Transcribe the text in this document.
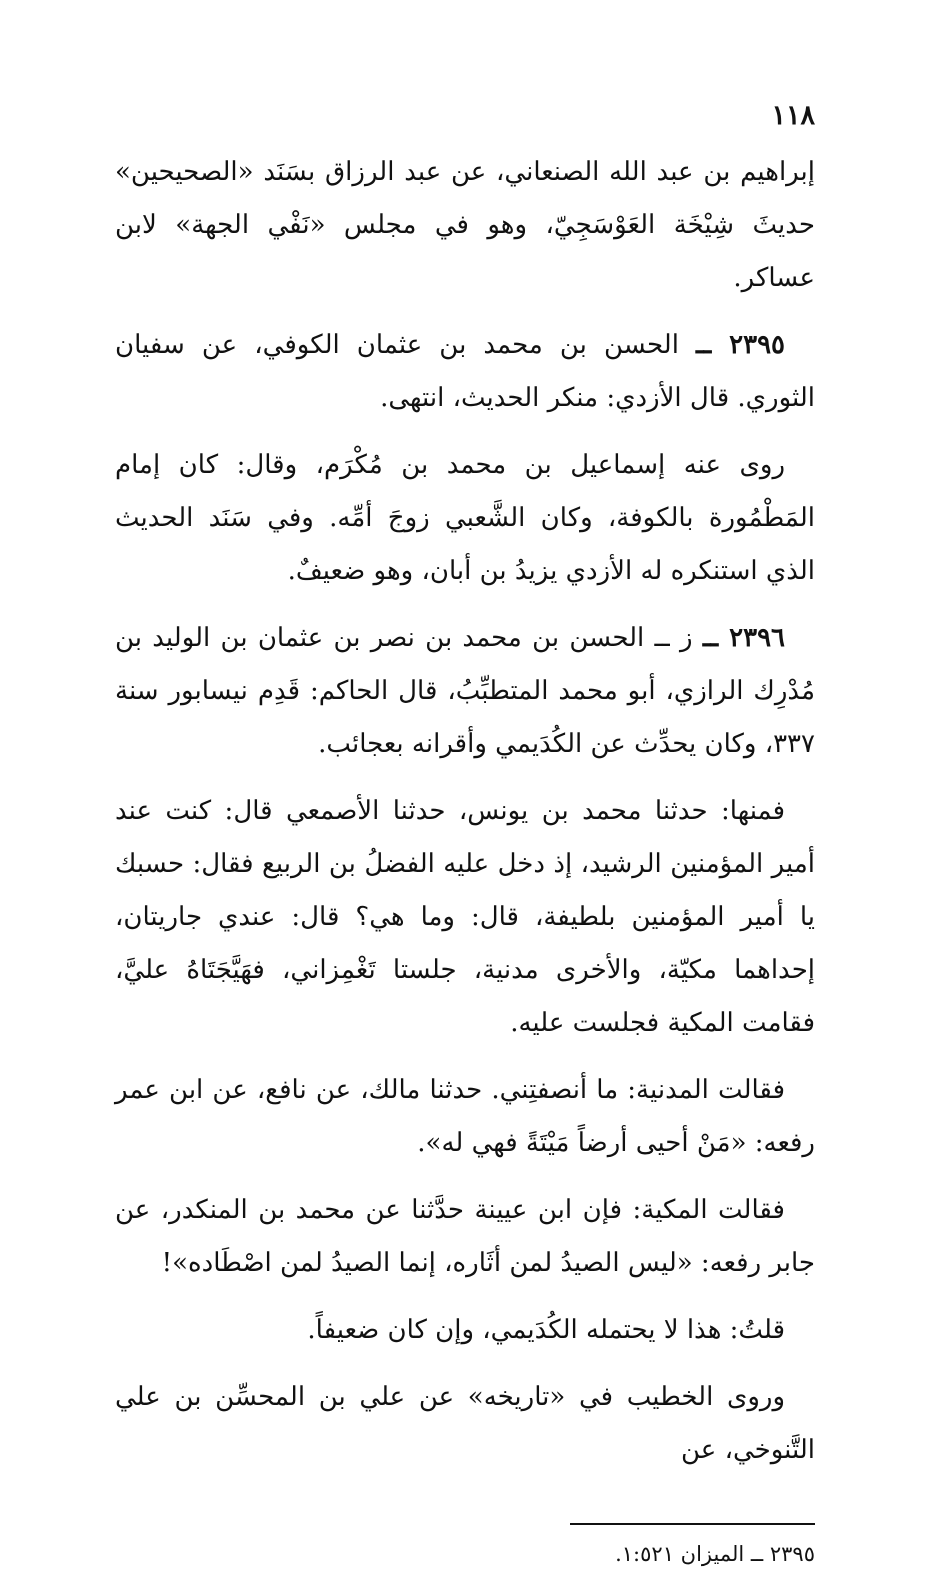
١١٨

إبراهيم بن عبد الله الصنعاني، عن عبد الرزاق بسَنَد «الصحيحين» حديثَ شِيْخَة العَوْسَجِيّ، وهو في مجلس «نَفْي الجهة» لابن عساكر.

٢٣٩٥ ــ الحسن بن محمد بن عثمان الكوفي، عن سفيان الثوري. قال الأزدي: منكر الحديث، انتهى.

روى عنه إسماعيل بن محمد بن مُكْرَم، وقال: كان إمام المَطْمُورة بالكوفة، وكان الشَّعبي زوجَ أمِّه. وفي سَنَد الحديث الذي استنكره له الأزدي يزيدُ بن أبان، وهو ضعيفٌ.

٢٣٩٦ ــ ز ــ الحسن بن محمد بن نصر بن عثمان بن الوليد بن مُدْرِك الرازي، أبو محمد المتطبِّبُ، قال الحاكم: قَدِم نيسابور سنة ٣٣٧، وكان يحدِّث عن الكُدَيمي وأقرانه بعجائب.

فمنها: حدثنا محمد بن يونس، حدثنا الأصمعي قال: كنت عند أمير المؤمنين الرشيد، إذ دخل عليه الفضلُ بن الربيع فقال: حسبك يا أمير المؤمنين بلطيفة، قال: وما هي؟ قال: عندي جاريتان، إحداهما مكيّة، والأخرى مدنية، جلستا تَغْمِزاني، فهَيَّجَتَاهُ عليَّ، فقامت المكية فجلست عليه.

فقالت المدنية: ما أنصفتِني. حدثنا مالك، عن نافع، عن ابن عمر رفعه: «مَنْ أحيى أرضاً مَيْتَةً فهي له».

فقالت المكية: فإن ابن عيينة حدَّثنا عن محمد بن المنكدر، عن جابر رفعه: «ليس الصيدُ لمن أثَاره، إنما الصيدُ لمن اصْطَاده»!

قلتُ: هذا لا يحتمله الكُدَيمي، وإن كان ضعيفاً.

وروى الخطيب في «تاريخه» عن علي بن المحسِّن بن علي التَّنوخي، عن

٢٣٩٥ ــ الميزان ١:٥٢١.
